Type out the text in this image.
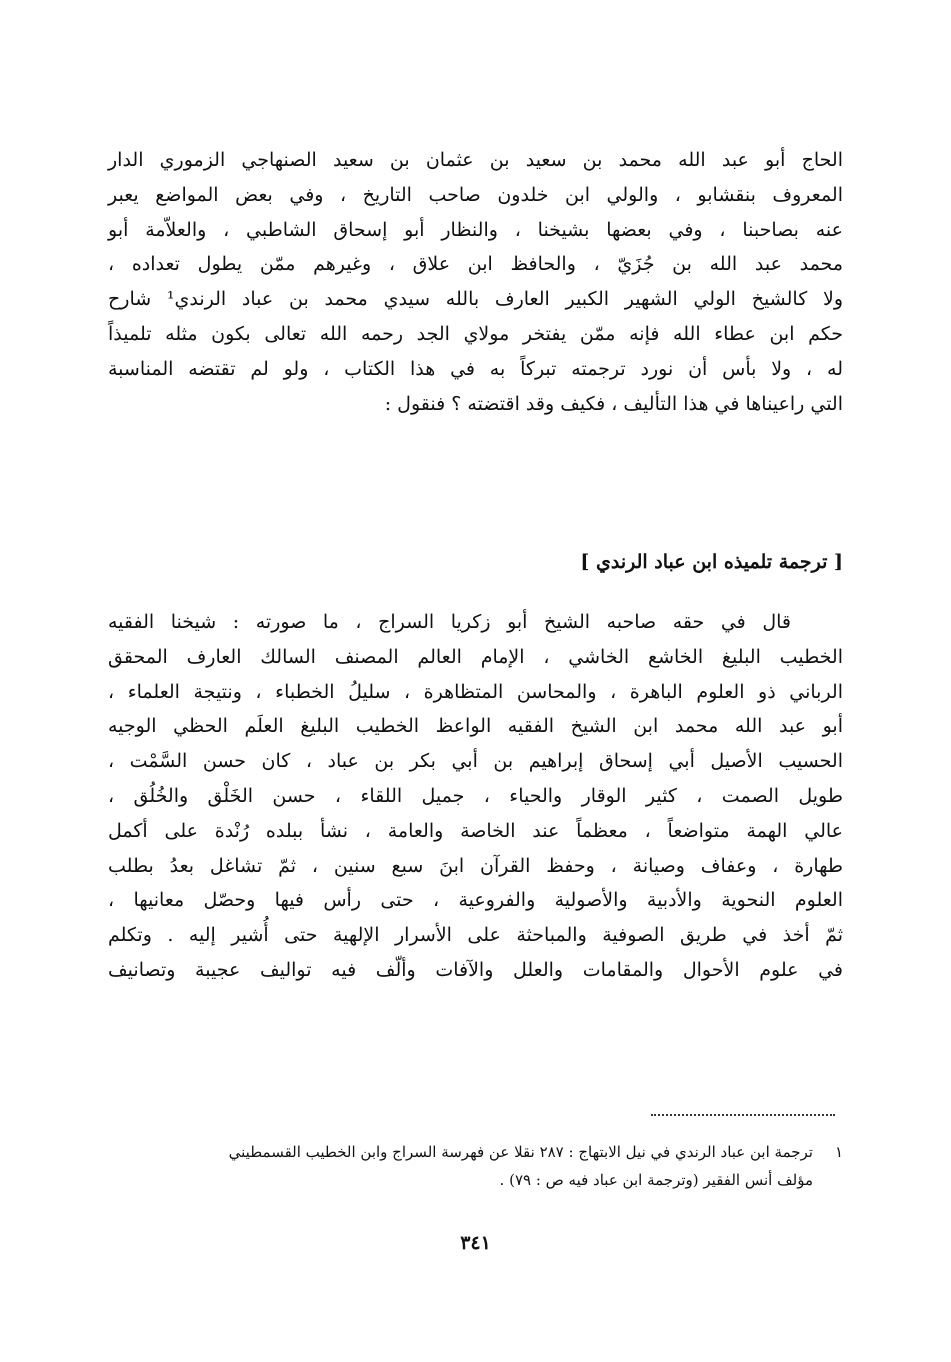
الحاج أبو عبد الله محمد بن سعيد بن عثمان بن سعيد الصنهاجي الزموري الدار
المعروف بنقشابو ، والولي ابن خلدون صاحب التاريخ ، وفي بعض المواضع يعبر
عنه بصاحبنا ، وفي بعضها بشيخنا ، والنظار أبو إسحاق الشاطبي ، والعلاّمة أبو
محمد عبد الله بن جُزَيّ ، والحافظ ابن علاق ، وغيرهم ممّن يطول تعداده ،
ولا كالشيخ الولي الشهير الكبير العارف بالله سيدي محمد بن عباد الرندي¹ شارح
حكم ابن عطاء الله فإنه ممّن يفتخر مولاي الجد رحمه الله تعالى بكون مثله تلميذاً
له ، ولا بأس أن نورد ترجمته تبركاً به في هذا الكتاب ، ولو لم تقتضه المناسبة
التي راعيناها في هذا التأليف ، فكيف وقد اقتضته ؟ فنقول :
[ ترجمة تلميذه ابن عباد الرندي ]
قال في حقه صاحبه الشيخ أبو زكريا السراج ، ما صورته : شيخنا الفقيه
الخطيب البليغ الخاشع الخاشي ، الإمام العالم المصنف السالك العارف المحقق
الرباني ذو العلوم الباهرة ، والمحاسن المتظاهرة ، سليلُ الخطباء ، ونتيجة العلماء ،
أبو عبد الله محمد ابن الشيخ الفقيه الواعظ الخطيب البليغ العلَم الحظي الوجيه
الحسيب الأصيل أبي إسحاق إبراهيم بن أبي بكر بن عباد ، كان حسن السَّمْت ،
طويل الصمت ، كثير الوقار والحياء ، جميل اللقاء ، حسن الخَلْق والخُلُق ،
عالي الهمة متواضعاً ، معظماً عند الخاصة والعامة ، نشأ ببلده رُنْدة على أكمل
طهارة ، وعفاف وصيانة ، وحفظ القرآن ابنَ سبع سنين ، ثمّ تشاغل بعدُ بطلب
العلوم النحوية والأدبية والأصولية والفروعية ، حتى رأس فيها وحصّل معانيها ،
ثمّ أخذ في طريق الصوفية والمباحثة على الأسرار الإلهية حتى أُشير إليه . وتكلم
في علوم الأحوال والمقامات والعلل والآفات وألّف فيه تواليف عجيبة وتصانيف
١ترجمة ابن عباد الرندي في نيل الابتهاج : ٢٨٧ نقلا عن فهرسة السراج وابن الخطيب القسمطيني
مؤلف أنس الفقير (وترجمة ابن عباد فيه ص : ٧٩) .
٣٤١
